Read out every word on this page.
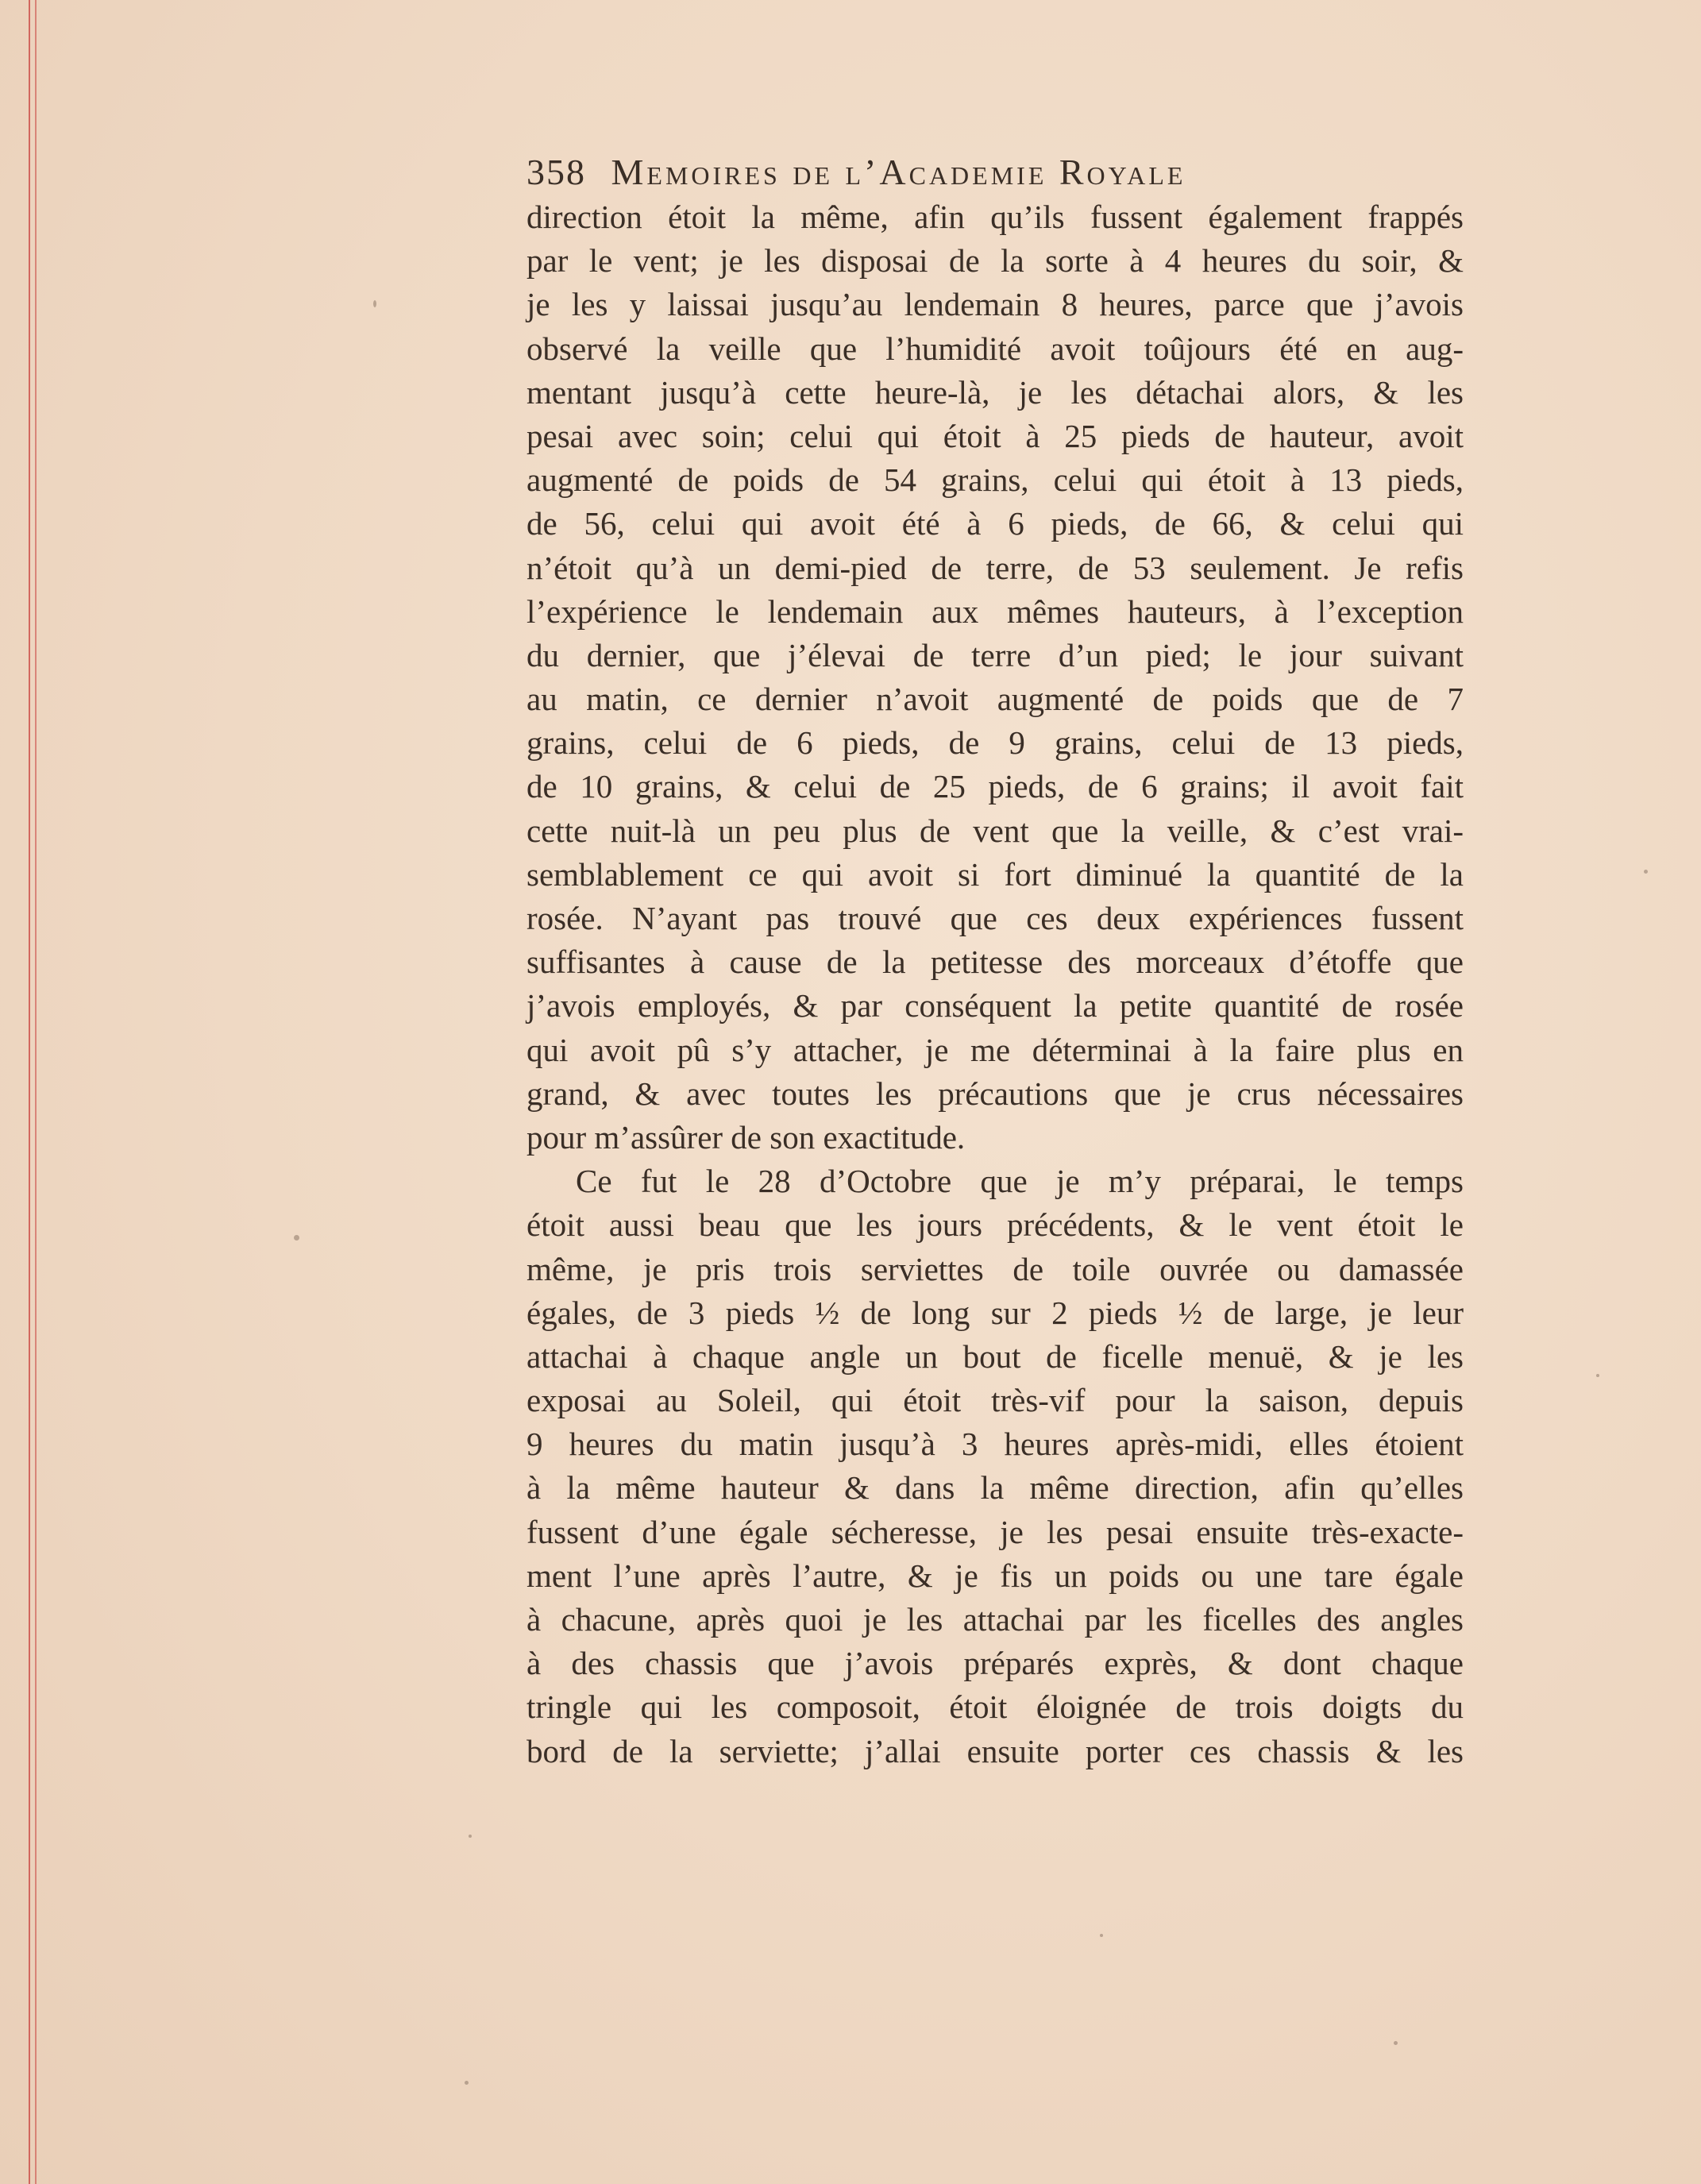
358 Memoires de l’Academie Royale
direction étoit la même, afin qu’ils fussent également frappés
par le vent; je les disposai de la sorte à 4 heures du soir, &
je les y laissai jusqu’au lendemain 8 heures, parce que j’avois
observé la veille que l’humidité avoit toûjours été en aug-
mentant jusqu’à cette heure-là, je les détachai alors, & les
pesai avec soin; celui qui étoit à 25 pieds de hauteur, avoit
augmenté de poids de 54 grains, celui qui étoit à 13 pieds,
de 56, celui qui avoit été à 6 pieds, de 66, & celui qui
n’étoit qu’à un demi-pied de terre, de 53 seulement. Je refis
l’expérience le lendemain aux mêmes hauteurs, à l’exception
du dernier, que j’élevai de terre d’un pied; le jour suivant
au matin, ce dernier n’avoit augmenté de poids que de 7
grains, celui de 6 pieds, de 9 grains, celui de 13 pieds,
de 10 grains, & celui de 25 pieds, de 6 grains; il avoit fait
cette nuit-là un peu plus de vent que la veille, & c’est vrai-
semblablement ce qui avoit si fort diminué la quantité de la
rosée. N’ayant pas trouvé que ces deux expériences fussent
suffisantes à cause de la petitesse des morceaux d’étoffe que
j’avois employés, & par conséquent la petite quantité de rosée
qui avoit pû s’y attacher, je me déterminai à la faire plus en
grand, & avec toutes les précautions que je crus nécessaires
pour m’assûrer de son exactitude.
Ce fut le 28 d’Octobre que je m’y préparai, le temps
étoit aussi beau que les jours précédents, & le vent étoit le
même, je pris trois serviettes de toile ouvrée ou damassée
égales, de 3 pieds ½ de long sur 2 pieds ½ de large, je leur
attachai à chaque angle un bout de ficelle menuë, & je les
exposai au Soleil, qui étoit très-vif pour la saison, depuis
9 heures du matin jusqu’à 3 heures après-midi, elles étoient
à la même hauteur & dans la même direction, afin qu’elles
fussent d’une égale sécheresse, je les pesai ensuite très-exacte-
ment l’une après l’autre, & je fis un poids ou une tare égale
à chacune, après quoi je les attachai par les ficelles des angles
à des chassis que j’avois préparés exprès, & dont chaque
tringle qui les composoit, étoit éloignée de trois doigts du
bord de la serviette; j’allai ensuite porter ces chassis & les
